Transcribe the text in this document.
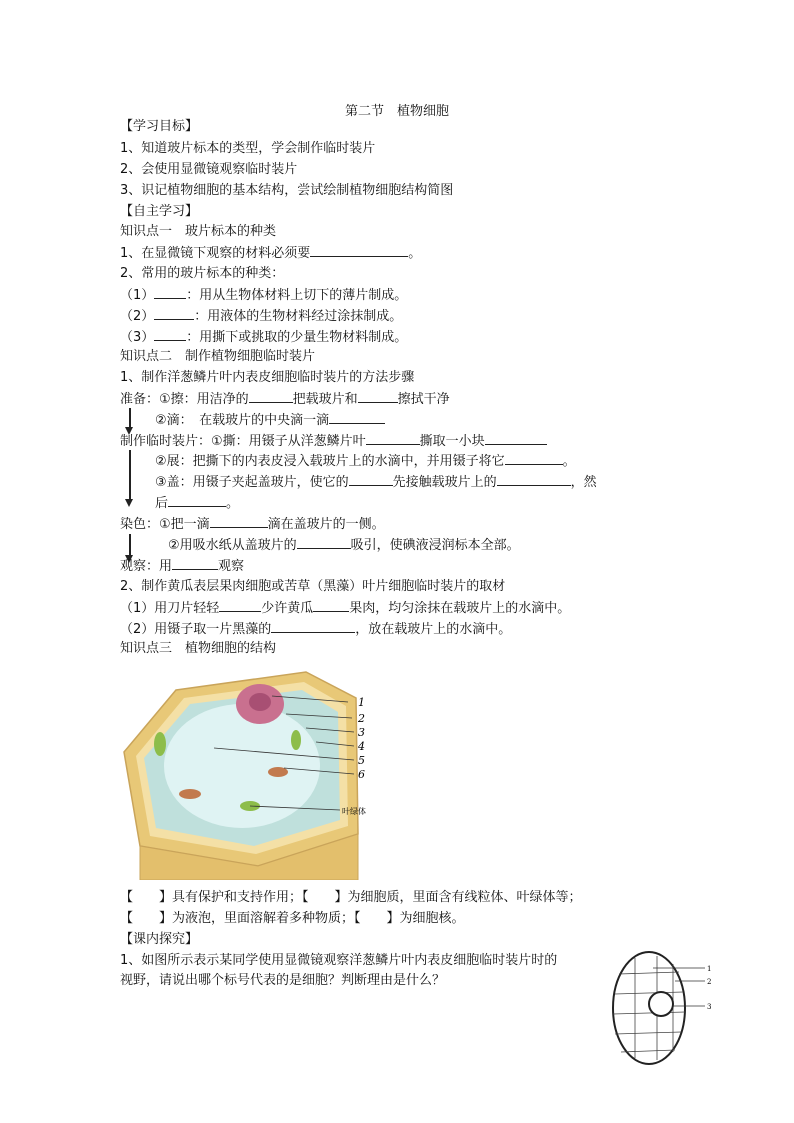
第二节　植物细胞
【学习目标】
1、知道玻片标本的类型，学会制作临时装片
2、会使用显微镜观察临时装片
3、识记植物细胞的基本结构，尝试绘制植物细胞结构简图
【自主学习】
知识点一　玻片标本的种类
1、在显微镜下观察的材料必须要	。
2、常用的玻片标本的种类：
（1） ：用从生物体材料上切下的薄片制成。
（2）	：用液体的生物材料经过涂抹制成。
（3） ：用撕下或挑取的少量生物材料制成。
知识点二　制作植物细胞临时装片
1、制作洋葱鳞片叶内表皮细胞临时装片的方法步骤
准备：①擦：用洁净的	把载玻片和	擦拭干净
②滴：　在载玻片的中央滴一滴
制作临时装片：①撕：用镊子从洋葱鳞片叶	撕取一小块
②展：把撕下的内表皮浸入载玻片上的水滴中，并用镊子将它	。
③盖：用镊子夹起盖玻片，使它的	先接触载玻片上的	，然
后	。
染色：①把一滴	滴在盖玻片的一侧。
②用吸水纸从盖玻片的	吸引，使碘液浸润标本全部。
观察：用	观察
2、制作黄瓜表层果肉细胞或苦草（黑藻）叶片细胞临时装片的取材
（1）用刀片轻轻	少许黄瓜	果肉，均匀涂抹在载玻片上的水滴中。
（2）用镊子取一片黑藻的	，放在载玻片上的水滴中。
知识点三　植物细胞的结构
1
2
3
4
5
6
叶绿体
【　　】具有保护和支持作用；【　　】为细胞质，里面含有线粒体、叶绿体等；
【　　】为液泡，里面溶解着多种物质；【　　】为细胞核。
【课内探究】
1、如图所示表示某同学使用显微镜观察洋葱鳞片叶内表皮细胞临时装片时的
视野，请说出哪个标号代表的是细胞？判断理由是什么？
1
2
3
